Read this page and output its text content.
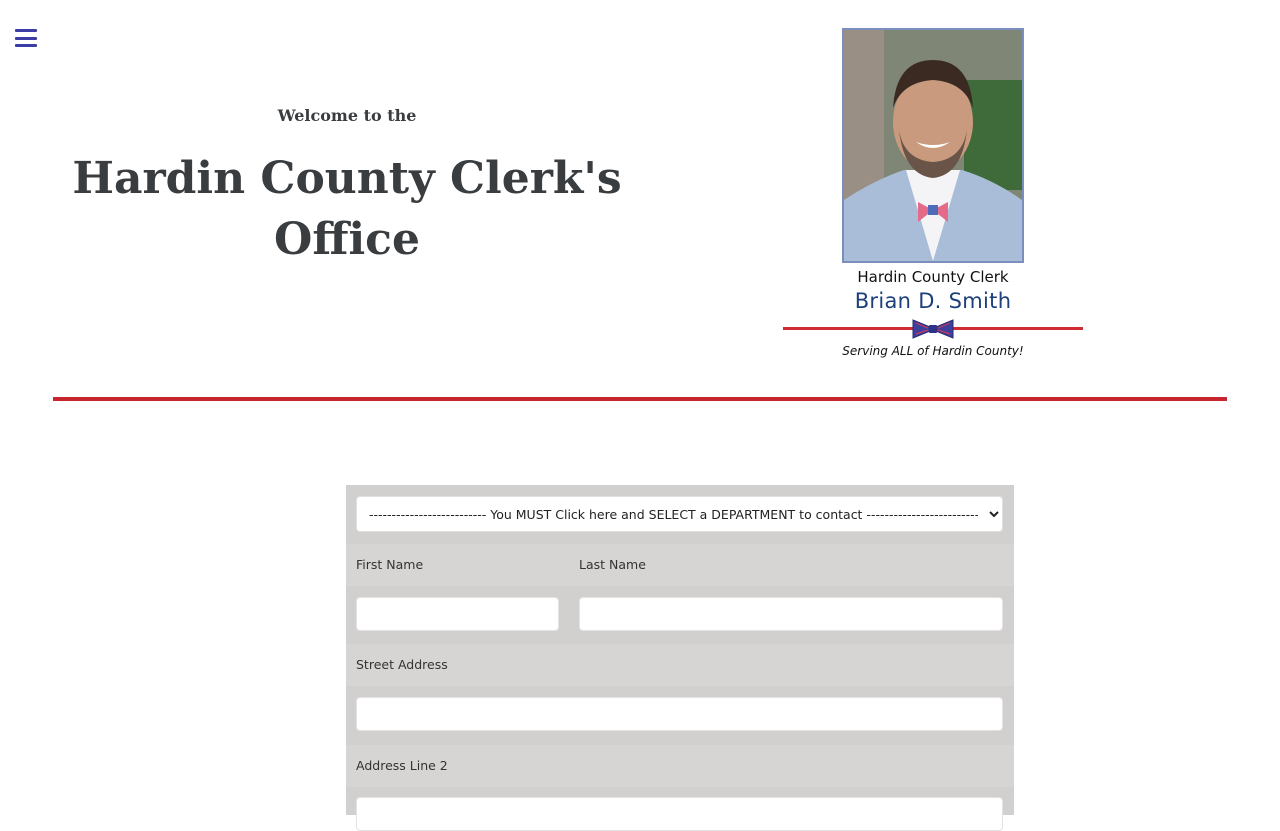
Welcome to the
Hardin County Clerk's Office
Hardin County Clerk
Brian D. Smith
Serving ALL of Hardin County!
-------------------------- You MUST Click here and SELECT a DEPARTMENT to contact --------------------------
First Name	Last Name
Street Address
Address Line 2
